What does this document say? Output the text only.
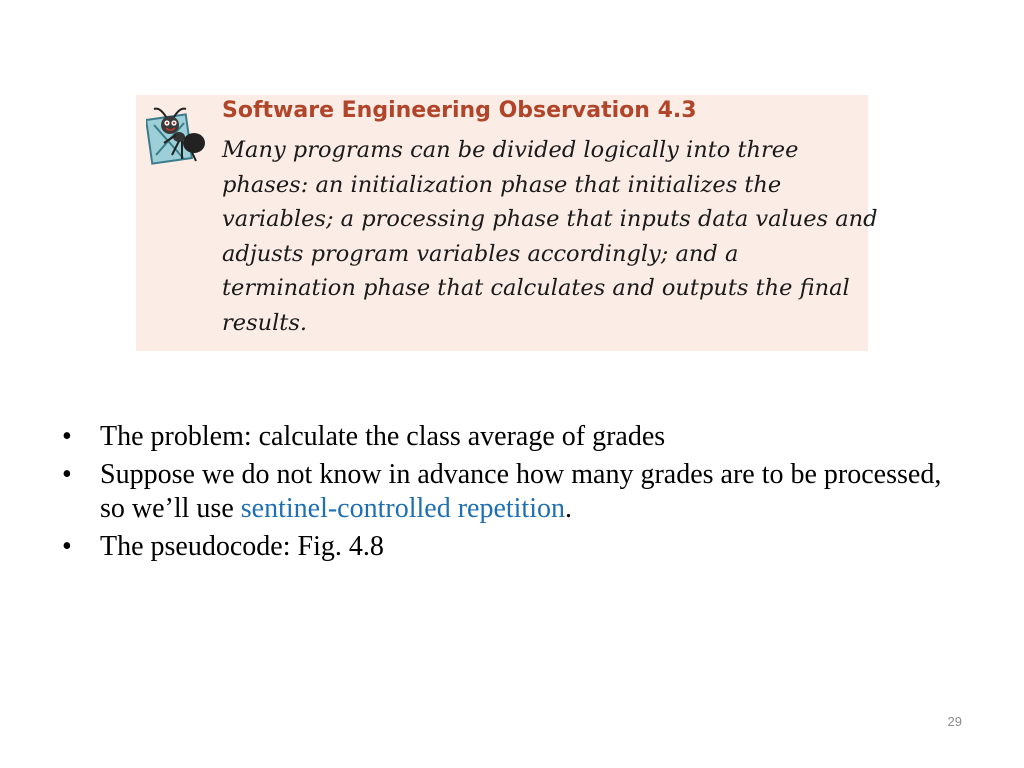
Software Engineering Observation 4.3
Many programs can be divided logically into three
phases: an initialization phase that initializes the
variables; a processing phase that inputs data values and
adjusts program variables accordingly; and a
termination phase that calculates and outputs the final
results.
• The problem: calculate the class average of grades
• Suppose we do not know in advance how many grades are to be processed, so we’ll use sentinel-controlled repetition.
• The pseudocode: Fig. 4.8
29
